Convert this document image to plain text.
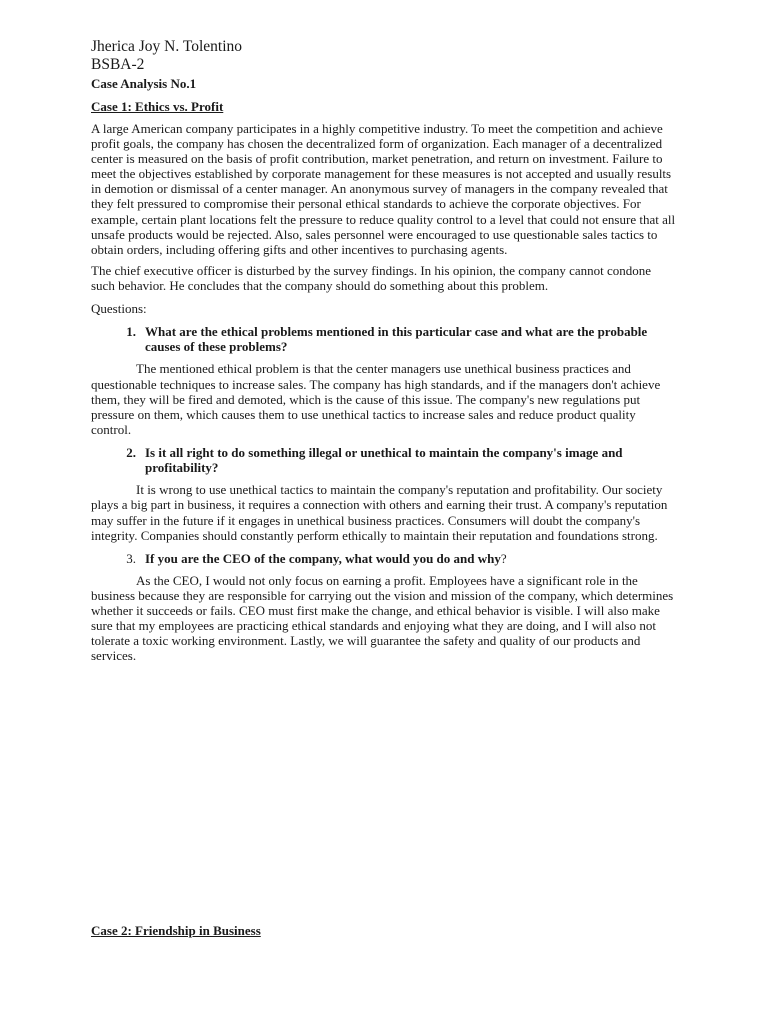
Jherica Joy N. Tolentino

BSBA-2

Case Analysis No.1

Case 1: Ethics vs. Profit

A large American company participates in a highly competitive industry. To meet the competition and achieve profit goals, the company has chosen the decentralized form of organization. Each manager of a decentralized center is measured on the basis of profit contribution, market penetration, and return on investment. Failure to meet the objectives established by corporate management for these measures is not accepted and usually results in demotion or dismissal of a center manager. An anonymous survey of managers in the company revealed that they felt pressured to compromise their personal ethical standards to achieve the corporate objectives. For example, certain plant locations felt the pressure to reduce quality control to a level that could not ensure that all unsafe products would be rejected. Also, sales personnel were encouraged to use questionable sales tactics to obtain orders, including offering gifts and other incentives to purchasing agents.

The chief executive officer is disturbed by the survey findings. In his opinion, the company cannot condone such behavior. He concludes that the company should do something about this problem.

Questions:

1. What are the ethical problems mentioned in this particular case and what are the probable causes of these problems?

The mentioned ethical problem is that the center managers use unethical business practices and questionable techniques to increase sales. The company has high standards, and if the managers don't achieve them, they will be fired and demoted, which is the cause of this issue. The company's new regulations put pressure on them, which causes them to use unethical tactics to increase sales and reduce product quality control.

2. Is it all right to do something illegal or unethical to maintain the company's image and profitability?

It is wrong to use unethical tactics to maintain the company's reputation and profitability. Our society plays a big part in business, it requires a connection with others and earning their trust. A company's reputation may suffer in the future if it engages in unethical business practices. Consumers will doubt the company's integrity. Companies should constantly perform ethically to maintain their reputation and foundations strong.

3. If you are the CEO of the company, what would you do and why?

As the CEO, I would not only focus on earning a profit. Employees have a significant role in the business because they are responsible for carrying out the vision and mission of the company, which determines whether it succeeds or fails. CEO must first make the change, and ethical behavior is visible. I will also make sure that my employees are practicing ethical standards and enjoying what they are doing, and I will also not tolerate a toxic working environment. Lastly, we will guarantee the safety and quality of our products and services.

Case 2: Friendship in Business
